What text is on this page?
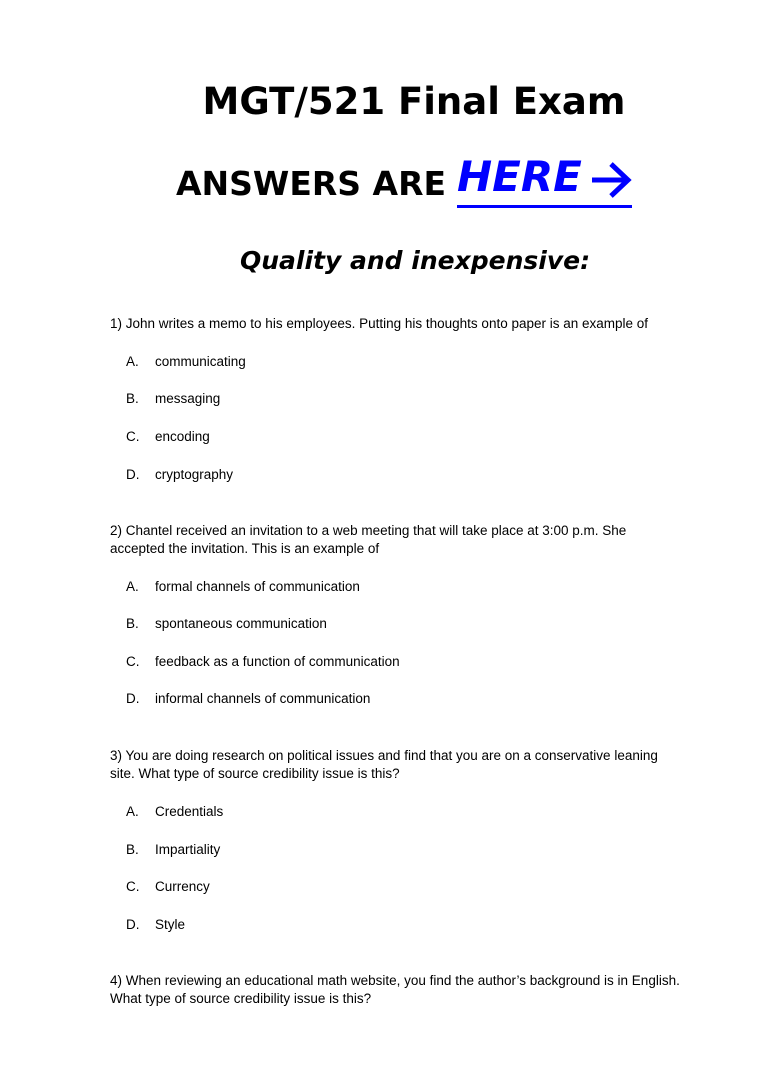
MGT/521 Final Exam
ANSWERS ARE HERE
Quality and inexpensive:
1) John writes a memo to his employees. Putting his thoughts onto paper is an example of
A. communicating
B. messaging
C. encoding
D. cryptography
2) Chantel received an invitation to a web meeting that will take place at 3:00 p.m. She
accepted the invitation. This is an example of
A. formal channels of communication
B. spontaneous communication
C. feedback as a function of communication
D. informal channels of communication
3) You are doing research on political issues and find that you are on a conservative leaning
site. What type of source credibility issue is this?
A. Credentials
B. Impartiality
C. Currency
D. Style
4) When reviewing an educational math website, you find the author’s background is in English.
What type of source credibility issue is this?
